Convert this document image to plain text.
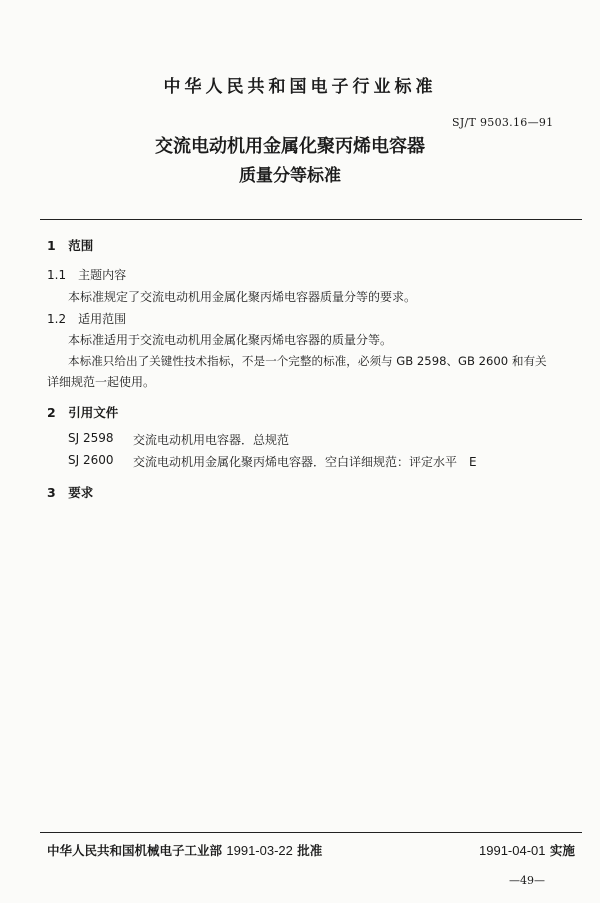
中华人民共和国电子行业标准
SJ/T 9503.16—91
交流电动机用金属化聚丙烯电容器
质量分等标准
1　范围
1.1　主题内容
本标准规定了交流电动机用金属化聚丙烯电容器质量分等的要求。
1.2　适用范围
本标准适用于交流电动机用金属化聚丙烯电容器的质量分等。
本标准只给出了关键性技术指标，不是一个完整的标准，必须与 GB 2598、GB 2600 和有关
详细规范一起使用。
2　引用文件
SJ 2598 交流电动机用电容器．总规范
SJ 2600 交流电动机用金属化聚丙烯电容器．空白详细规范：评定水平　E
3　要求
中华人民共和国机械电子工业部 1991-03-22 批准	1991-04-01 实施
—49—
